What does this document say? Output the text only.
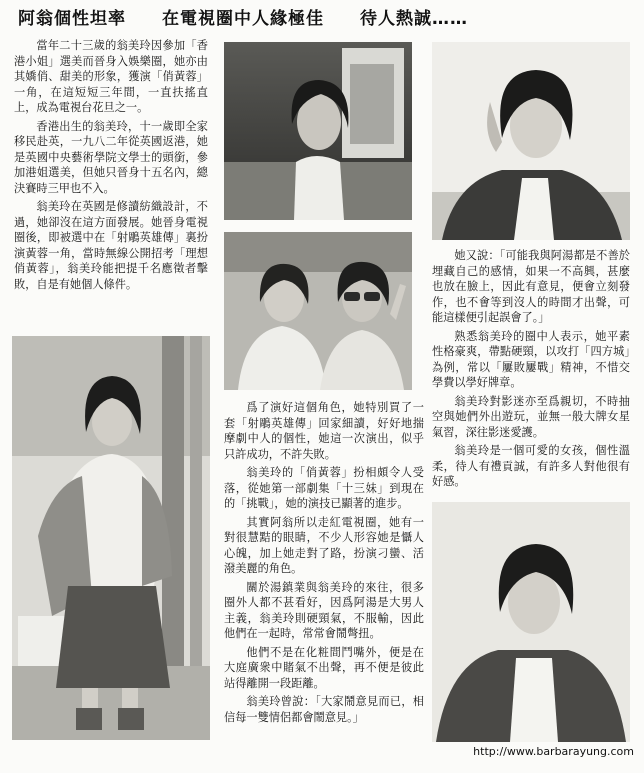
阿翁個性坦率　　在電視圈中人緣極佳　　待人熱誠……

當年二十三歲的翁美玲因參加「香港小姐」選美而晉身入娛樂圈，她亦由其嬌俏、甜美的形象，獲演「俏黃蓉」一角，在這短短三年間，一直扶搖直上，成為電視台花旦之一。

香港出生的翁美玲，十一歲即全家移民赴英，一九八二年從英國返港，她是英國中央藝術學院文學士的頭銜，參加港姐選美，但她只晉身十五名內，總決賽時三甲也不入。

翁美玲在英國是修讀紡織設計，不過，她卻沒在這方面發展。她晉身電視圈後，即被選中在「射鵰英雄傳」裏扮演黃蓉一角，當時無線公開招考「理想俏黃蓉」，翁美玲能把提千名應徵者擊敗，自是有她個人條件。

她又說：「可能我與阿湯都是不善於埋藏自己的感情，如果一不高興，甚麼也放在臉上，因此有意見，便會立刻發作，也不會等到沒人的時間才出聲，可能這樣便引起誤會了。」

熟悉翁美玲的圈中人表示，她平素性格豪爽，帶點硬頸，以攻打「四方城」為例，常以「屢敗屢戰」精神，不惜交學費以學好牌章。

翁美玲對影迷亦至爲親切，不時抽空與她們外出遊玩，並無一般大牌女星氣習，深往影迷愛護。

翁美玲是一個可愛的女孩，個性溫柔，待人有禮貢誠，有許多人對他很有好感。

爲了演好這個角色，她特別買了一套「射鵰英雄傳」回家細讀，好好地揣摩劇中人的個性，她這一次演出，似乎只許成功，不許失敗。

翁美玲的「俏黃蓉」扮相頗令人受落，從她第一部劇集「十三妹」到現在的「挑戰」，她的演技已顯著的進步。

其實阿翁所以走紅電視圈，她有一對很慧黠的眼睛，不少人形容她是懾人心魄，加上她走對了路，扮演刁蠻、活潑美麗的角色。

關於湯鎮業與翁美玲的來往，很多圈外人都不甚看好，因爲阿湯是大男人主義，翁美玲則硬頸氣，不服輸，因此他們在一起時，常常會鬧彆扭。

他們不是在化粧間鬥嘴外，便是在大庭廣衆中賭氣不出聲，再不便是彼此站得離開一段距離。

翁美玲曾說：「大家鬧意見而已，相信每一雙情侶都會鬧意見。」

http://www.barbarayung.com
